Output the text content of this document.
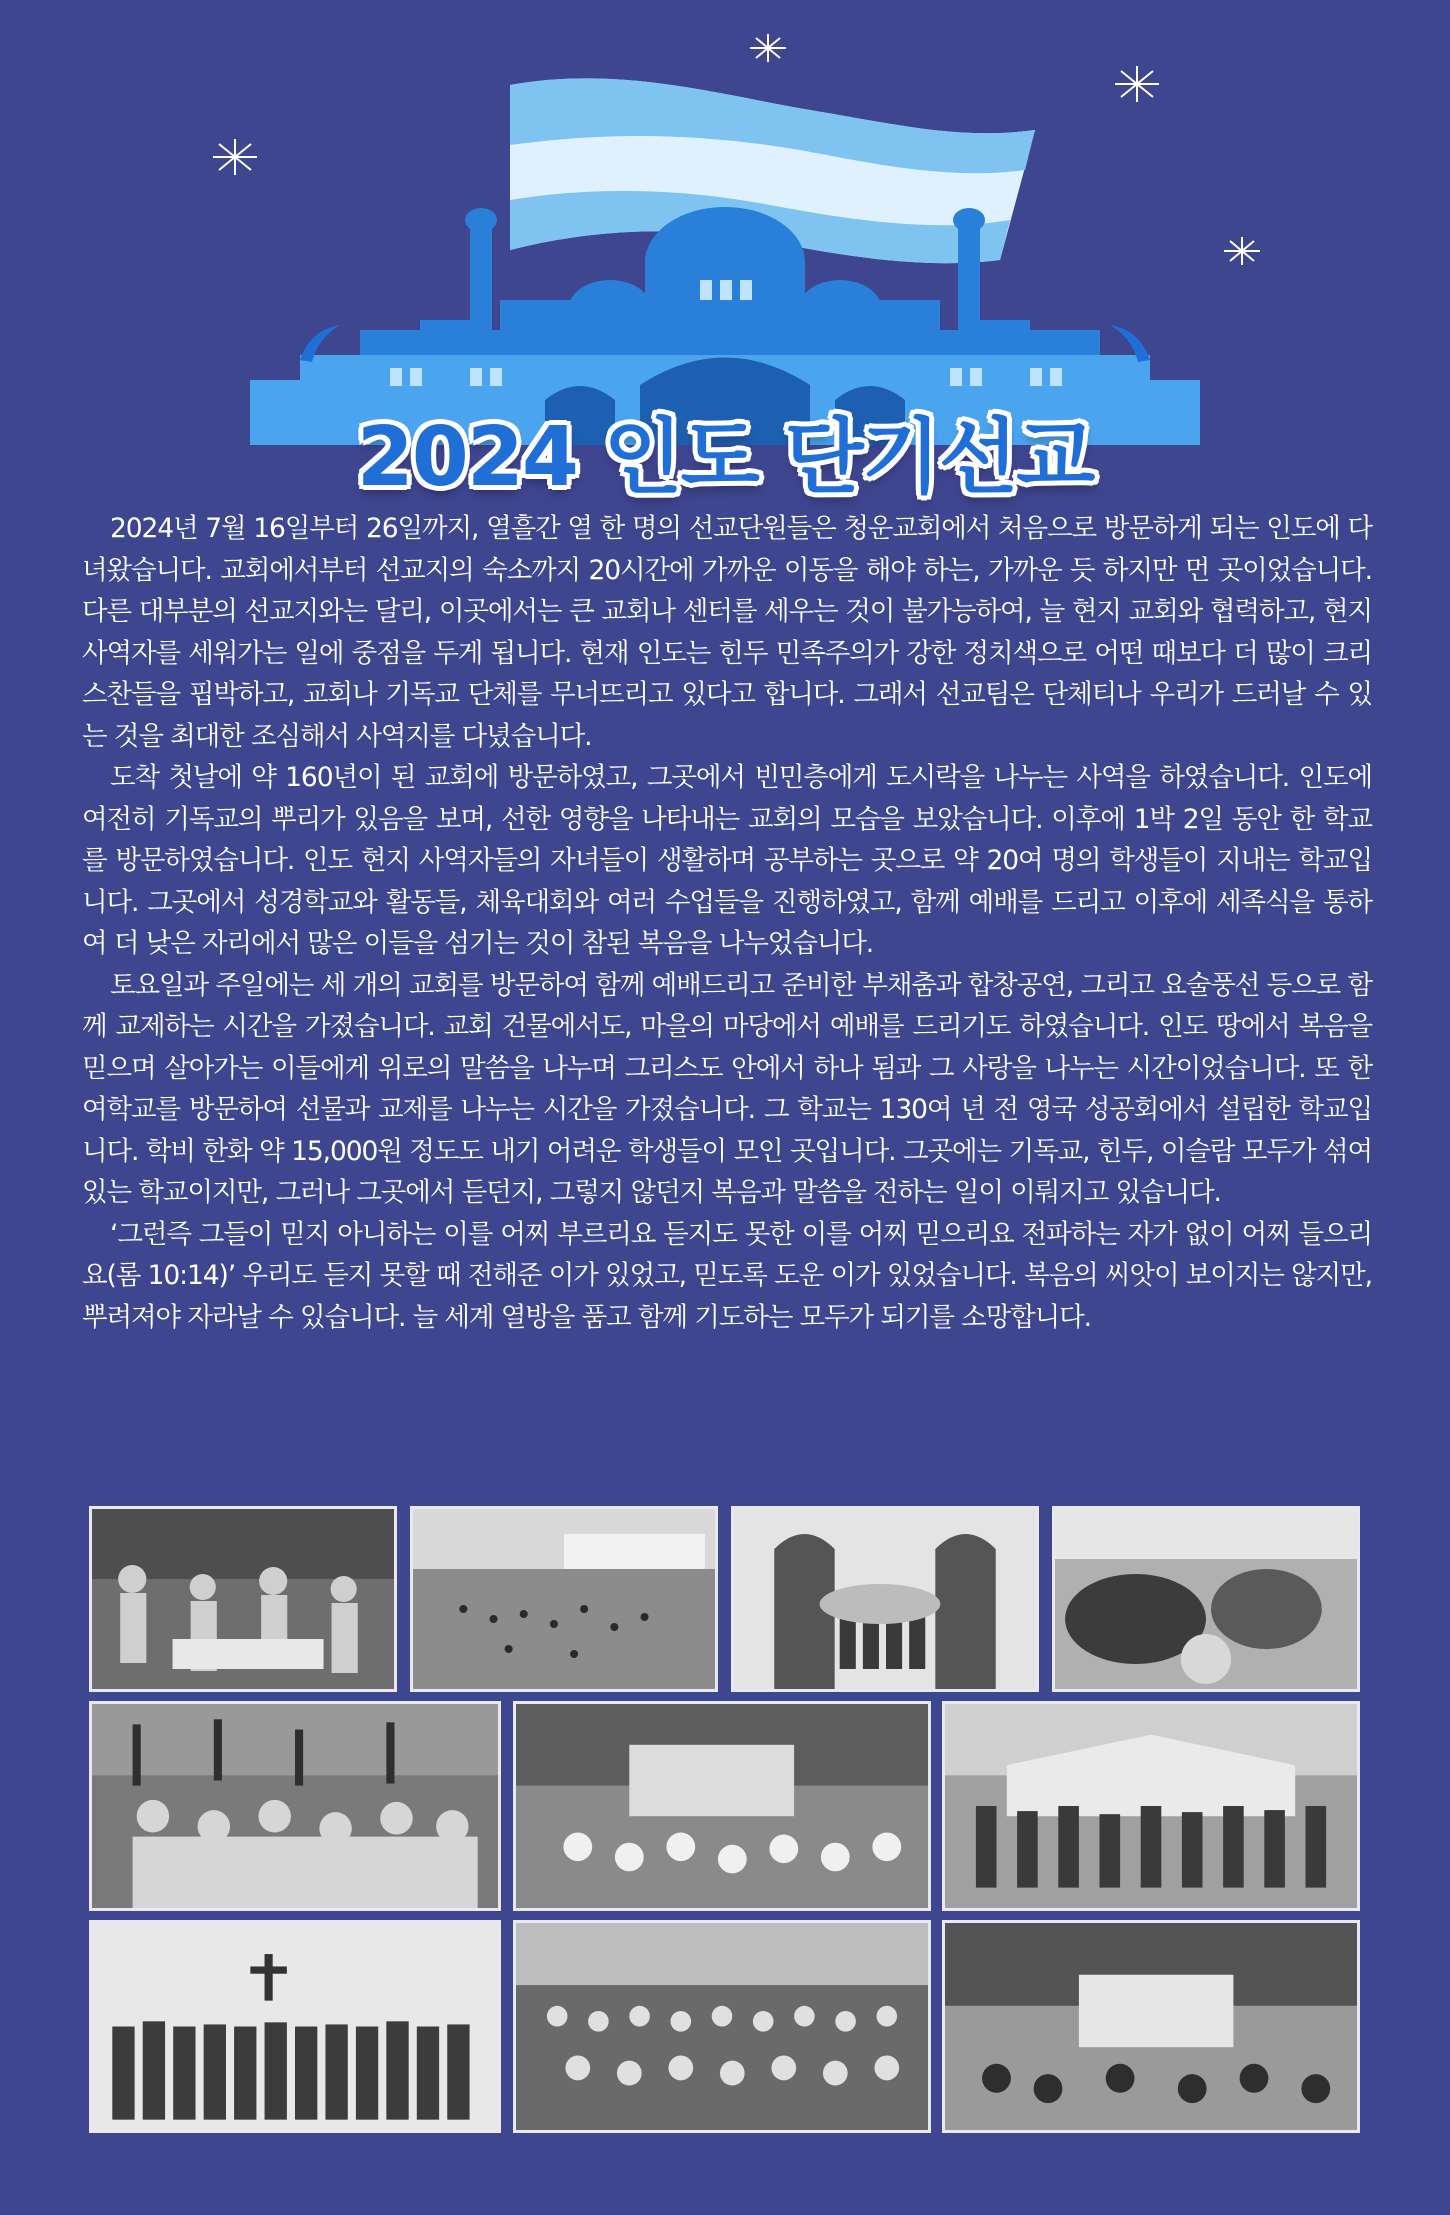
2024 인도 단기선교

2024년 7월 16일부터 26일까지, 열흘간 열 한 명의 선교단원들은 청운교회에서 처음으로 방문하게 되는 인도에 다녀왔습니다. 교회에서부터 선교지의 숙소까지 20시간에 가까운 이동을 해야 하는, 가까운 듯 하지만 먼 곳이었습니다. 다른 대부분의 선교지와는 달리, 이곳에서는 큰 교회나 센터를 세우는 것이 불가능하여, 늘 현지 교회와 협력하고, 현지 사역자를 세워가는 일에 중점을 두게 됩니다. 현재 인도는 힌두 민족주의가 강한 정치색으로 어떤 때보다 더 많이 크리스찬들을 핍박하고, 교회나 기독교 단체를 무너뜨리고 있다고 합니다. 그래서 선교팀은 단체티나 우리가 드러날 수 있는 것을 최대한 조심해서 사역지를 다녔습니다.

도착 첫날에 약 160년이 된 교회에 방문하였고, 그곳에서 빈민층에게 도시락을 나누는 사역을 하였습니다. 인도에 여전히 기독교의 뿌리가 있음을 보며, 선한 영향을 나타내는 교회의 모습을 보았습니다. 이후에 1박 2일 동안 한 학교를 방문하였습니다. 인도 현지 사역자들의 자녀들이 생활하며 공부하는 곳으로 약 20여 명의 학생들이 지내는 학교입니다. 그곳에서 성경학교와 활동들, 체육대회와 여러 수업들을 진행하였고, 함께 예배를 드리고 이후에 세족식을 통하여 더 낮은 자리에서 많은 이들을 섬기는 것이 참된 복음을 나누었습니다.

토요일과 주일에는 세 개의 교회를 방문하여 함께 예배드리고 준비한 부채춤과 합창공연, 그리고 요술풍선 등으로 함께 교제하는 시간을 가졌습니다. 교회 건물에서도, 마을의 마당에서 예배를 드리기도 하였습니다. 인도 땅에서 복음을 믿으며 살아가는 이들에게 위로의 말씀을 나누며 그리스도 안에서 하나 됨과 그 사랑을 나누는 시간이었습니다. 또 한 여학교를 방문하여 선물과 교제를 나누는 시간을 가졌습니다. 그 학교는 130여 년 전 영국 성공회에서 설립한 학교입니다. 학비 한화 약 15,000원 정도도 내기 어려운 학생들이 모인 곳입니다. 그곳에는 기독교, 힌두, 이슬람 모두가 섞여 있는 학교이지만, 그러나 그곳에서 듣던지, 그렇지 않던지 복음과 말씀을 전하는 일이 이뤄지고 있습니다.

‘그런즉 그들이 믿지 아니하는 이를 어찌 부르리요 듣지도 못한 이를 어찌 믿으리요 전파하는 자가 없이 어찌 들으리요(롬 10:14)’ 우리도 듣지 못할 때 전해준 이가 있었고, 믿도록 도운 이가 있었습니다. 복음의 씨앗이 보이지는 않지만, 뿌려져야 자라날 수 있습니다. 늘 세계 열방을 품고 함께 기도하는 모두가 되기를 소망합니다.
